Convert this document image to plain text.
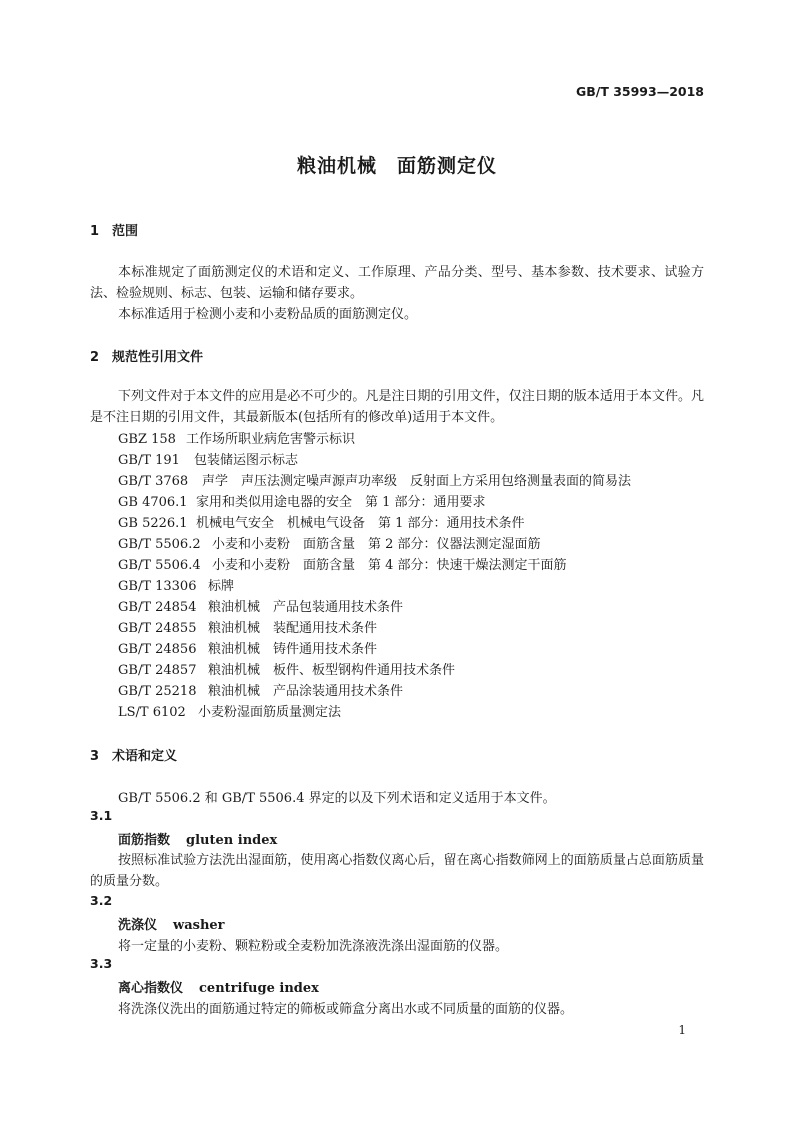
GB/T 35993—2018
粮油机械　面筋测定仪
1 范围
本标准规定了面筋测定仪的术语和定义、工作原理、产品分类、型号、基本参数、技术要求、试验方法、检验规则、标志、包装、运输和储存要求。
本标准适用于检测小麦和小麦粉品质的面筋测定仪。
2 规范性引用文件
下列文件对于本文件的应用是必不可少的。凡是注日期的引用文件，仅注日期的版本适用于本文件。凡是不注日期的引用文件，其最新版本(包括所有的修改单)适用于本文件。
GBZ 158 工作场所职业病危害警示标识
GB/T 191 包装储运图示标志
GB/T 3768 声学　声压法测定噪声源声功率级　反射面上方采用包络测量表面的简易法
GB 4706.1 家用和类似用途电器的安全　第 1 部分：通用要求
GB 5226.1 机械电气安全　机械电气设备　第 1 部分：通用技术条件
GB/T 5506.2 小麦和小麦粉　面筋含量　第 2 部分：仪器法测定湿面筋
GB/T 5506.4 小麦和小麦粉　面筋含量　第 4 部分：快速干燥法测定干面筋
GB/T 13306 标牌
GB/T 24854 粮油机械　产品包装通用技术条件
GB/T 24855 粮油机械　装配通用技术条件
GB/T 24856 粮油机械　铸件通用技术条件
GB/T 24857 粮油机械　板件、板型钢构件通用技术条件
GB/T 25218 粮油机械　产品涂装通用技术条件
LS/T 6102 小麦粉湿面筋质量测定法
3 术语和定义
GB/T 5506.2 和 GB/T 5506.4 界定的以及下列术语和定义适用于本文件。
3.1
面筋指数 gluten index
按照标准试验方法洗出湿面筋，使用离心指数仪离心后，留在离心指数筛网上的面筋质量占总面筋质量的质量分数。
3.2
洗涤仪 washer
将一定量的小麦粉、颗粒粉或全麦粉加洗涤液洗涤出湿面筋的仪器。
3.3
离心指数仪 centrifuge index
将洗涤仪洗出的面筋通过特定的筛板或筛盒分离出水或不同质量的面筋的仪器。
1
